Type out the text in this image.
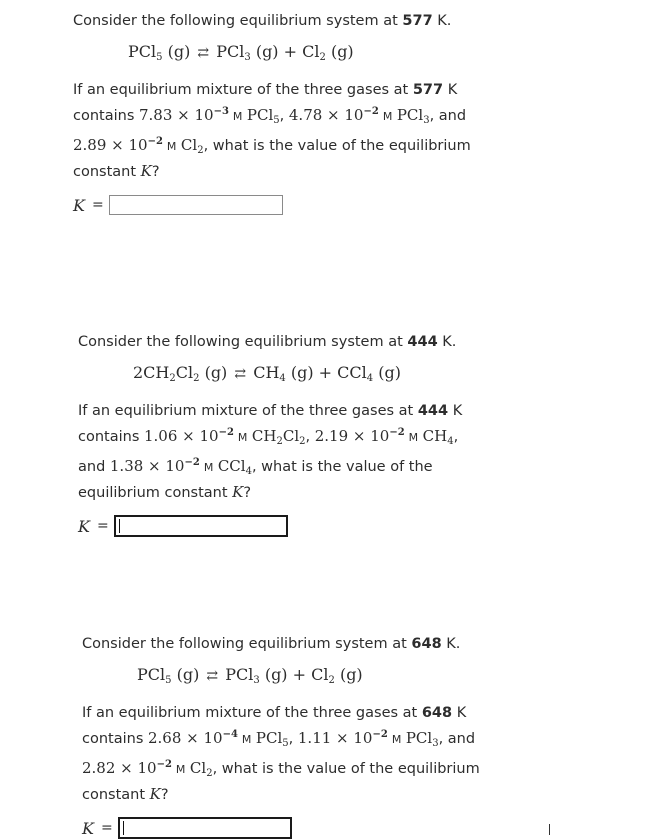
Consider the following equilibrium system at 577 K.

PCl$_5$ (g) ⇄ PCl$_3$ $(g) + Cl_2$ (g)
If an equilibrium mixture of the three gases at 577 K
contains $7.83 \times 10^{-3}$ M PCl$_5$, $4.78 \times 10^{-2}$ M PCl$_3$, and
$2.89 \times 10^{-2}$ M $Cl_2$, what is the value of the equilibrium
constant K?
K =

Consider the following equilibrium system at 444 K.

$2CH_2Cl_2$ (g) ⇄ $CH_4$ (g) + CCl$_4$ (g)
If an equilibrium mixture of the three gases at 444 K
contains $1.06 \times 10^{-2}$ M $CH_2Cl_2$, $2.19 \times 10^{-2}$ M $CH_4$,
and $1.38 \times 10^{-2}$ M CCl$_4$, what is the value of the
equilibrium constant K?
K =

Consider the following equilibrium system at 648 K.

PCl$_5$ (g) ⇄ PCl$_3$ $(g) + Cl_2$ (g)
If an equilibrium mixture of the three gases at 648 K
contains $2.68 \times 10^{-4}$ M PCl$_5$, $1.11 \times 10^{-2}$ M PCl$_3$, and
$2.82 \times 10^{-2}$ M $Cl_2$, what is the value of the equilibrium
constant K?
K =
